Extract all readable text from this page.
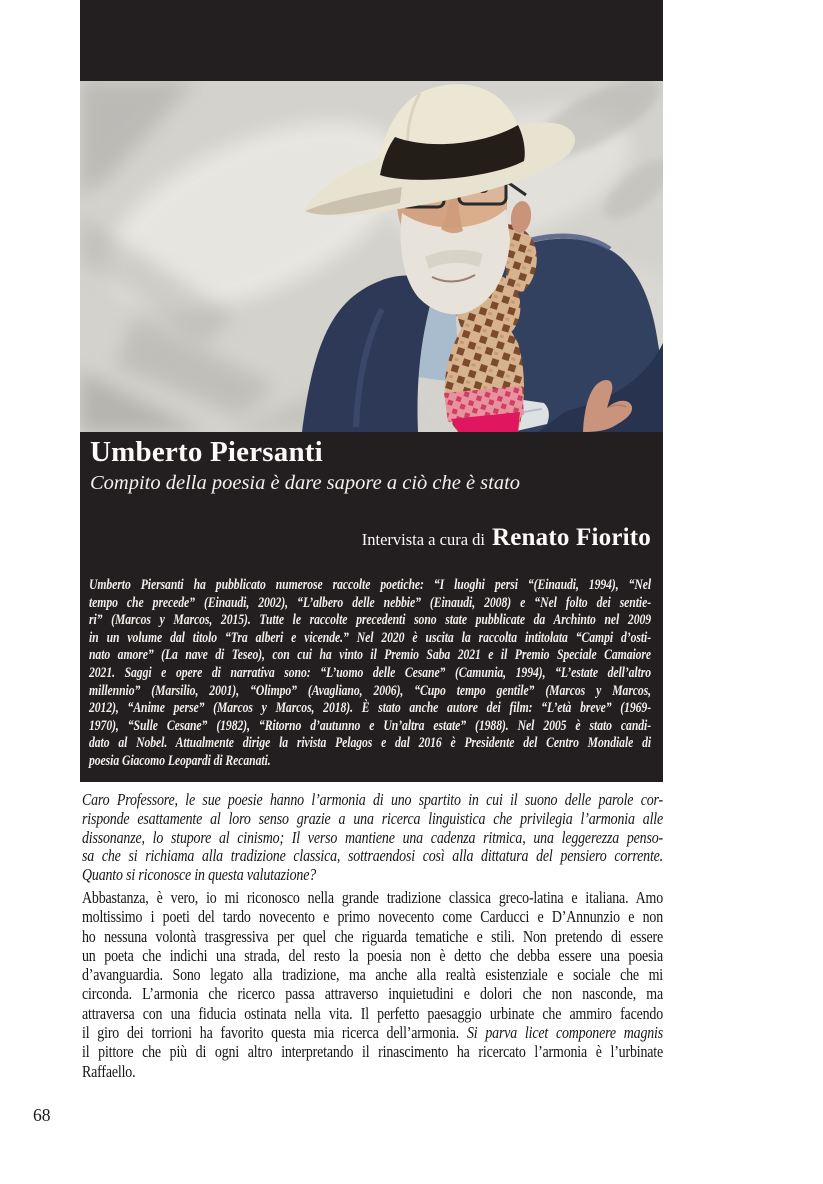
Umberto Piersanti
Compito della poesia è dare sapore a ciò che è stato
Intervista a cura di Renato Fiorito
Umberto Piersanti ha pubblicato numerose raccolte poetiche: “I luoghi persi “(Einaudi, 1994), “Nel
tempo che precede” (Einaudi, 2002), “L’albero delle nebbie” (Einaudi, 2008) e “Nel folto dei sentie-
ri” (Marcos y Marcos, 2015). Tutte le raccolte precedenti sono state pubblicate da Archinto nel 2009
in un volume dal titolo “Tra alberi e vicende.” Nel 2020 è uscita la raccolta intitolata “Campi d’osti-
nato amore” (La nave di Teseo), con cui ha vinto il Premio Saba 2021 e il Premio Speciale Camaiore
2021. Saggi e opere di narrativa sono: “L’uomo delle Cesane” (Camunia, 1994), “L’estate dell’altro
millennio” (Marsilio, 2001), “Olimpo” (Avagliano, 2006), “Cupo tempo gentile” (Marcos y Marcos,
2012), “Anime perse” (Marcos y Marcos, 2018). È stato anche autore dei film: “L’età breve” (1969-
1970), “Sulle Cesane” (1982), “Ritorno d’autunno e Un’altra estate” (1988). Nel 2005 è stato candi-
dato al Nobel. Attualmente dirige la rivista Pelagos e dal 2016 è Presidente del Centro Mondiale di
poesia Giacomo Leopardi di Recanati.
Caro Professore, le sue poesie hanno l’armonia di uno spartito in cui il suono delle parole cor-
risponde esattamente al loro senso grazie a una ricerca linguistica che privilegia l’armonia alle
dissonanze, lo stupore al cinismo; Il verso mantiene una cadenza ritmica, una leggerezza penso-
sa che si richiama alla tradizione classica, sottraendosi così alla dittatura del pensiero corrente.
Quanto si riconosce in questa valutazione?
Abbastanza, è vero, io mi riconosco nella grande tradizione classica greco-latina e italiana. Amo
moltissimo i poeti del tardo novecento e primo novecento come Carducci e D’Annunzio e non
ho nessuna volontà trasgressiva per quel che riguarda tematiche e stili. Non pretendo di essere
un poeta che indichi una strada, del resto la poesia non è detto che debba essere una poesia
d’avanguardia. Sono legato alla tradizione, ma anche alla realtà esistenziale e sociale che mi
circonda. L’armonia che ricerco passa attraverso inquietudini e dolori che non nasconde, ma
attraversa con una fiducia ostinata nella vita. Il perfetto paesaggio urbinate che ammiro facendo
il giro dei torrioni ha favorito questa mia ricerca dell’armonia. Si parva licet componere magnis
il pittore che più di ogni altro interpretando il rinascimento ha ricercato l’armonia è l’urbinate
Raffaello.
68
